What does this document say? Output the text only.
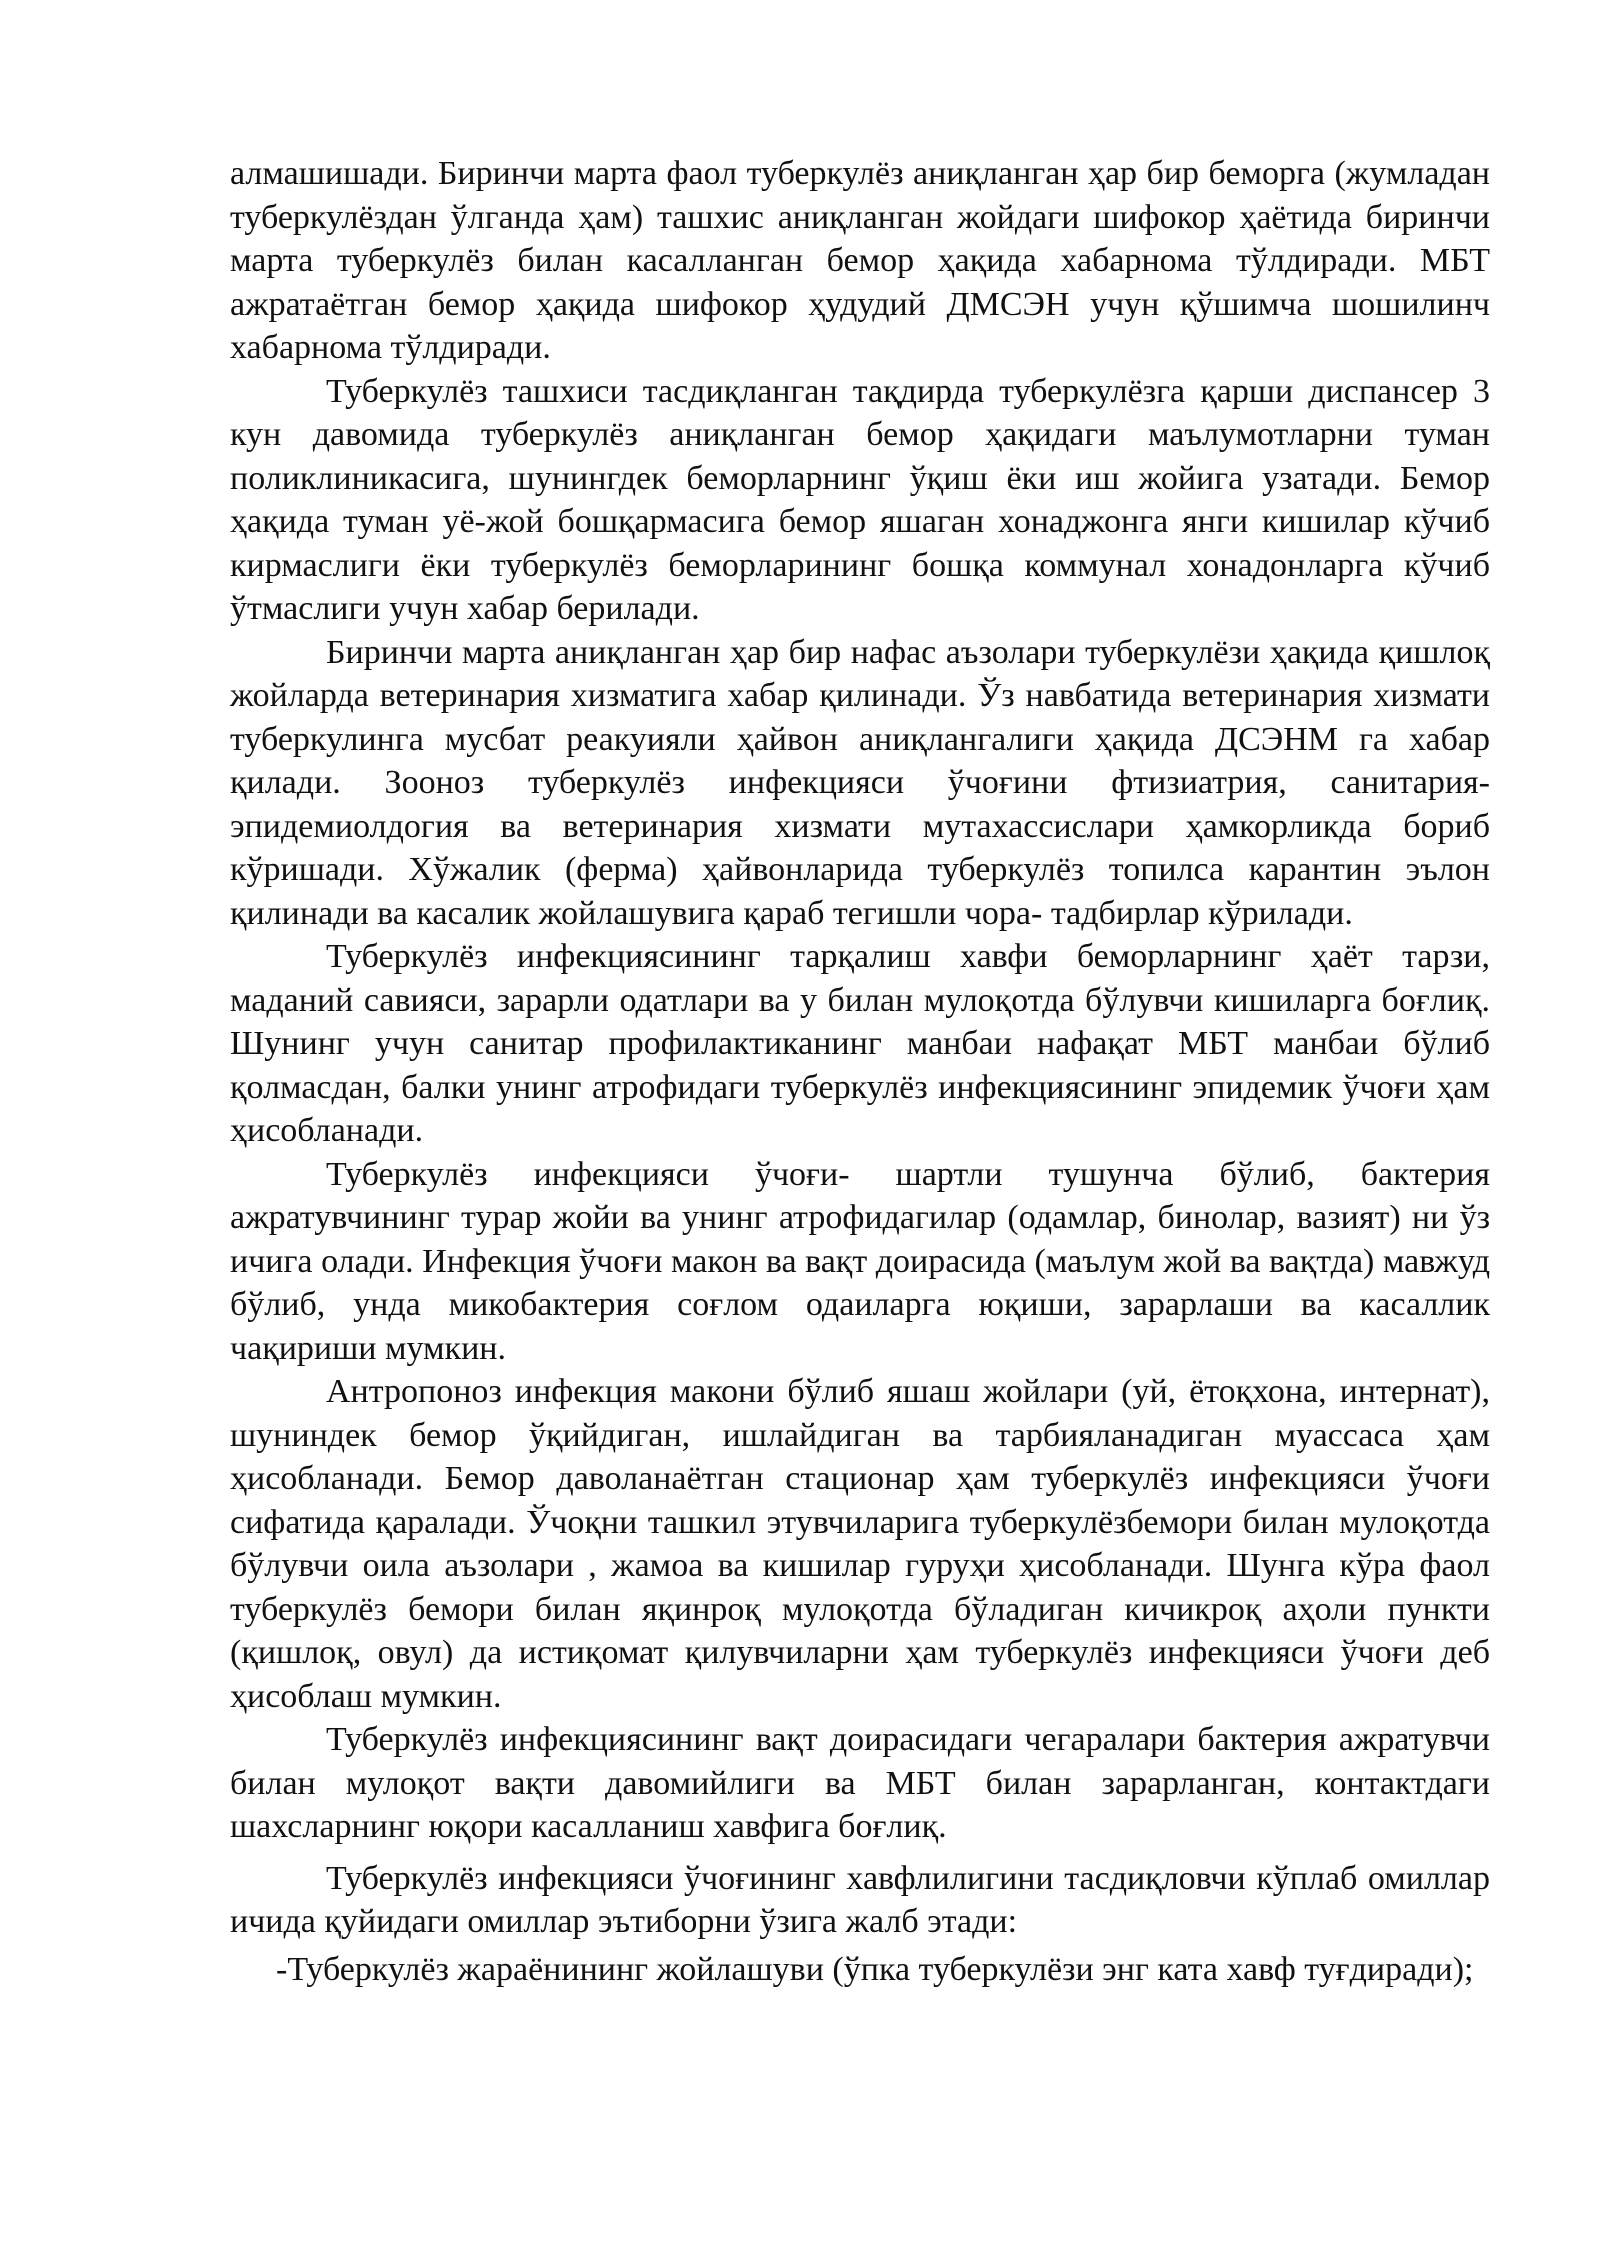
алмашишади. Биринчи марта фаол туберкулёз аниқланган ҳар бир беморга (жумладан туберкулёздан ўлганда ҳам) ташхис аниқланган жойдаги шифокор ҳаётида биринчи марта туберкулёз билан касалланган бемор ҳақида хабарнома тўлдиради. МБТ ажратаётган бемор ҳақида шифокор ҳудудий ДМСЭН учун қўшимча шошилинч хабарнома тўлдиради.

Туберкулёз ташхиси тасдиқланган тақдирда туберкулёзга қарши диспансер 3 кун давомида туберкулёз аниқланган бемор ҳақидаги маълумотларни туман поликлиникасига, шунингдек беморларнинг ўқиш ёки иш жойига узатади. Бемор ҳақида туман уё-жой бошқармасига бемор яшаган хонаджонга янги кишилар кўчиб кирмаслиги ёки туберкулёз беморларининг бошқа коммунал хонадонларга кўчиб ўтмаслиги учун хабар берилади.

Биринчи марта аниқланган ҳар бир нафас аъзолари туберкулёзи ҳақида қишлоқ жойларда ветеринария хизматига хабар қилинади. Ўз навбатида ветеринария хизмати туберкулинга мусбат реакуияли ҳайвон аниқлангалиги ҳақида ДСЭНМ га хабар қилади. Зооноз туберкулёз инфекцияси ўчоғини фтизиатрия, санитария- эпидемиолдогия ва ветеринария хизмати мутахассислари ҳамкорликда бориб кўришади. Хўжалик (ферма) ҳайвонларида туберкулёз топилса карантин эълон қилинади ва касалик жойлашувига қараб тегишли чора- тадбирлар кўрилади.

Туберкулёз инфекциясининг тарқалиш хавфи беморларнинг ҳаёт тарзи, маданий савияси, зарарли одатлари ва у билан мулоқотда бўлувчи кишиларга боғлиқ. Шунинг учун санитар профилактиканинг манбаи нафақат МБТ манбаи бўлиб қолмасдан, балки унинг атрофидаги туберкулёз инфекциясининг эпидемик ўчоғи ҳам ҳисобланади.

Туберкулёз инфекцияси ўчоғи- шартли тушунча бўлиб, бактерия ажратувчининг турар жойи ва унинг атрофидагилар (одамлар, бинолар, вазият) ни ўз ичига олади. Инфекция ўчоғи макон ва вақт доирасида (маълум жой ва вақтда) мавжуд бўлиб, унда микобактерия соғлом одаиларга юқиши, зарарлаши ва касаллик чақириши мумкин.

Антропоноз инфекция макони бўлиб яшаш жойлари (уй, ётоқхона, интернат), шуниндек бемор ўқийдиган, ишлайдиган ва тарбияланадиган муассаса ҳам ҳисобланади. Бемор даволанаётган стационар ҳам туберкулёз инфекцияси ўчоғи сифатида қаралади. Ўчоқни ташкил этувчиларига туберкулёзбемори билан мулоқотда бўлувчи оила аъзолари , жамоа ва кишилар гуруҳи ҳисобланади. Шунга кўра фаол туберкулёз бемори билан яқинроқ мулоқотда бўладиган кичикроқ аҳоли пункти (қишлоқ, овул) да истиқомат қилувчиларни ҳам туберкулёз инфекцияси ўчоғи деб ҳисоблаш мумкин.

Туберкулёз инфекциясининг вақт доирасидаги чегаралари бактерия ажратувчи билан мулоқот вақти давомийлиги ва МБТ билан зарарланган, контактдаги шахсларнинг юқори касалланиш хавфига боғлиқ.

Туберкулёз инфекцияси ўчоғининг хавфлилигини тасдиқловчи кўплаб омиллар ичида қуйидаги омиллар эътиборни ўзига жалб этади:

-Туберкулёз жараёнининг жойлашуви (ўпка туберкулёзи энг ката хавф туғдиради);
